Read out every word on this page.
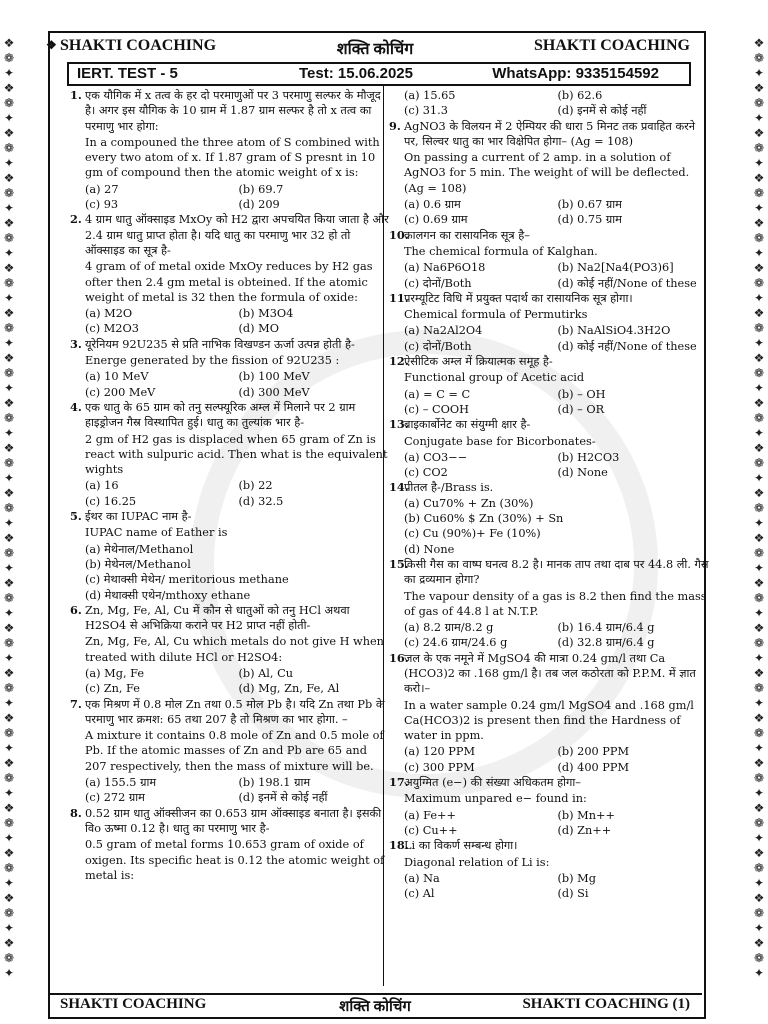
❖
❁
✦
❖
❁
✦
❖
❁
✦
❖
❁
✦
❖
❁
✦
❖
❁
✦
❖
❁
✦
❖
❁
✦
❖
❁
✦
❖
❁
✦
❖
❁
✦
❖
❁
✦
❖
❁
✦
❖
❁
✦
❖
❁
✦
❖
❁
✦
❖
❁
✦
❖
❁
✦
❖
❁
✦
❖
❁
✦
❖
❁
✦
❖
❁
✦
❖
❁
✦
❖
❁
✦
❖
❁
✦
❖
❁
✦
❖
❁
✦
❖
❁
✦
❖
❁
✦
❖
❁
✦
❖
❁
✦
❖
❁
✦
❖
❁
✦
❖
❁
✦
❖
❁
✦
❖
❁
✦
❖
❁
✦
❖
❁
✦
❖
❁
✦
❖
❁
✦
❖
❁
✦
❖
❁
✦
❖ SHAKTI COACHING	शक्ति कोचिंग	SHAKTI COACHING
IERT. TEST - 5	Test: 15.06.2025	WhatsApp: 9335154592
1. एक यौगिक में x तत्व के हर दो परमाणुओं पर 3 परमाणु सल्फर के मौजूद है। अगर इस यौगिक के 10 ग्राम में 1.87 ग्राम सल्फर है तो x तत्व का परमाणु भार होगा:
In a compouned the three atom of S combined with every two atom of x. If 1.87 gram of S presnt in 10 gm of compound then the atomic weight of x is:
(a) 27	(b) 69.7
(c) 93	(d) 209
2. 4 ग्राम धातु ऑक्साइड MxOy को H2 द्वारा अपचयित किया जाता है और 2.4 ग्राम धातु प्राप्त होता है। यदि धातु का परमाणु भार 32 हो तो ऑक्साइड का सूत्र है-
4 gram of of metal oxide MxOy reduces by H2 gas ofter then 2.4 gm metal is obteined. If the atomic weight of metal is 32 then the formula of oxide:
(a) M2O	(b) M3O4
(c) M2O3	(d) MO
3. यूरेनियम 92U235 से प्रति नाभिक विखण्डन ऊर्जा उत्पन्न होती है-
Energe generated by the fission of 92U235 :
(a) 10 MeV	(b) 100 MeV
(c) 200 MeV	(d) 300 MeV
4. एक धातु के 65 ग्राम को तनु सल्फ्यूरिक अम्ल में मिलाने पर 2 ग्राम हाइड्रोजन गैस्र विस्थापित हुई। धातु का तुल्यांक भार है-
2 gm of H2 gas is displaced when 65 gram of Zn is react with sulpuric acid. Then what is the equivalent wights
(a) 16	(b) 22
(c) 16.25	(d) 32.5
5. ईथर का IUPAC नाम है-
IUPAC name of Eather is
(a) मेथेनाल/Methanol
(b) मेथेनल/Methanol
(c) मेथाक्सी मेथेन/ meritorious methane
(d) मेथाक्सी एथेन/mthoxy ethane
6. Zn, Mg, Fe, Al, Cu में कौन से धातुओं को तनु HCl अथवा H2SO4 से अभिक्रिया कराने पर H2 प्राप्त नहीं होती-
Zn, Mg, Fe, Al, Cu which metals do not give H when treated with dilute HCl or H2SO4:
(a) Mg, Fe	(b) Al, Cu
(c) Zn, Fe	(d) Mg, Zn, Fe, Al
7. एक मिश्रण में 0.8 मोल Zn तथा 0.5 मोल Pb है। यदि Zn तथा Pb के परमाणु भार क्रमश: 65 तथा 207 है तो मिश्रण का भार होगा. –
A mixture it contains 0.8 mole of Zn and 0.5 mole of Pb. If the atomic masses of Zn and Pb are 65 and 207 respectively, then the mass of mixture will be.
(a) 155.5 ग्राम	(b) 198.1 ग्राम
(c) 272 ग्राम	(d) इनमें से कोई नहीं
8. 0.52 ग्राम धातु ऑक्सीजन का 0.653 ग्राम ऑक्साइड बनाता है। इसकी विo ऊष्मा 0.12 है। धातु का परमाणु भार है-
0.5 gram of metal forms 10.653 gram of oxide of oxigen. Its specific heat is 0.12 the atomic weight of metal is:
(a) 15.65	(b) 62.6
(c) 31.3	(d) इनमें से कोई नहीं
9. AgNO3 के विलयन में 2 ऐम्पियर की धारा 5 मिनट तक प्रवाहित करने पर, सिल्वर धातु का भार विक्षेपित होगा– (Ag = 108)
On passing a current of 2 amp. in a solution of AgNO3 for 5 min. The weight of will be deflected. (Ag = 108)
(a) 0.6 ग्राम	(b) 0.67 ग्राम
(c) 0.69 ग्राम	(d) 0.75 ग्राम
10.
कालगन का रासायनिक सूत्र है–
The chemical formula of Kalghan.
(a) Na6P6O18	(b) Na2[Na4(PO3)6]
(c) दोनों/Both	(d) कोई नहीं/None of these
11.
परम्यूटिट विधि में प्रयुक्त पदार्थ का रासायनिक सूत्र होगा।
Chemical formula of Permutirks
(a) Na2Al2O4	(b) NaAlSiO4.3H2O
(c) दोनों/Both	(d) कोई नहीं/None of these
12.
ऐसीटिक अम्ल में क्रियात्मक समूह है-
Functional group of Acetic acid
(a) = C = C	(b) – OH
(c) – COOH	(d) – OR
13.
बाइकार्बोनेट का संयुग्मी क्षार है-
Conjugate base for Bicorbonates-
(a) CO3−−	(b) H2CO3
(c) CO2	(d) None
14.
पीतल है-/Brass is.
(a) Cu70% + Zn (30%)
(b) Cu60% $ Zn (30%) + Sn
(c) Cu (90%)+ Fe (10%)
(d) None
15.
किसी गैस का वाष्प घनत्व 8.2 है। मानक ताप तथा दाब पर 44.8 ली. गैस का द्रव्यमान होगा?
The vapour density of a gas is 8.2 then find the mass of gas of 44.8 l at N.T.P.
(a) 8.2 ग्राम/8.2 g	(b) 16.4 ग्राम/6.4 g
(c) 24.6 ग्राम/24.6 g	(d) 32.8 ग्राम/6.4 g
16.
जल के एक नमूने में MgSO4 की मात्रा 0.24 gm/l तथा Ca (HCO3)2 का .168 gm/l है। तब जल कठोरता को P.P.M. में ज्ञात करो।–
In a water sample 0.24 gm/l MgSO4 and .168 gm/l Ca(HCO3)2 is present then find the Hardness of water in ppm.
(a) 120 PPM	(b) 200 PPM
(c) 300 PPM	(d) 400 PPM
17.
अयुग्मित (e−) की संख्या अधिकतम होगा–
Maximum unpared e− found in:
(a) Fe++	(b) Mn++
(c) Cu++	(d) Zn++
18.
Li का विकर्ण सम्बन्ध होगा।
Diagonal relation of Li is:
(a) Na	(b) Mg
(c) Al	(d) Si
SHAKTI COACHING	शक्ति कोचिंग	SHAKTI COACHING (1)
